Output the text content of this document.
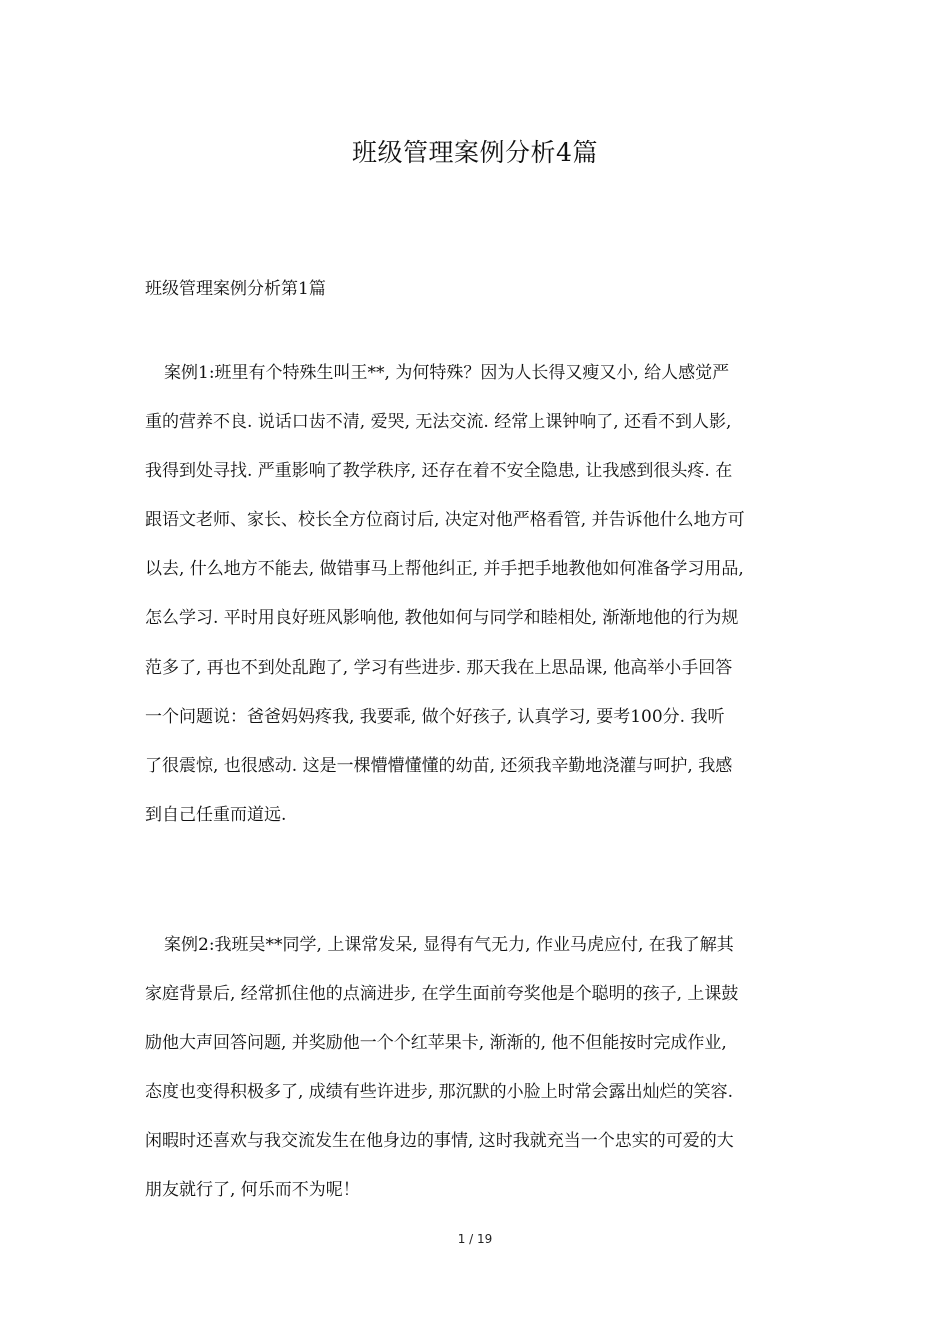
班级管理案例分析4篇
班级管理案例分析第1篇
案例1:班里有个特殊生叫王**, 为何特殊？因为人长得又瘦又小, 给人感觉严
重的营养不良. 说话口齿不清, 爱哭, 无法交流. 经常上课钟响了, 还看不到人影,
我得到处寻找. 严重影响了教学秩序, 还存在着不安全隐患, 让我感到很头疼. 在
跟语文老师、家长、校长全方位商讨后, 决定对他严格看管, 并告诉他什么地方可
以去, 什么地方不能去, 做错事马上帮他纠正, 并手把手地教他如何准备学习用品,
怎么学习. 平时用良好班风影响他, 教他如何与同学和睦相处, 渐渐地他的行为规
范多了, 再也不到处乱跑了, 学习有些进步. 那天我在上思品课, 他高举小手回答
一个问题说：爸爸妈妈疼我, 我要乖, 做个好孩子, 认真学习, 要考100分. 我听
了很震惊, 也很感动. 这是一棵懵懵懂懂的幼苗, 还须我辛勤地浇灌与呵护, 我感
到自己任重而道远.
案例2:我班吴**同学, 上课常发呆, 显得有气无力, 作业马虎应付, 在我了解其
家庭背景后, 经常抓住他的点滴进步, 在学生面前夸奖他是个聪明的孩子, 上课鼓
励他大声回答问题, 并奖励他一个个红苹果卡, 渐渐的, 他不但能按时完成作业,
态度也变得积极多了, 成绩有些许进步, 那沉默的小脸上时常会露出灿烂的笑容.
闲暇时还喜欢与我交流发生在他身边的事情, 这时我就充当一个忠实的可爱的大
朋友就行了, 何乐而不为呢！
1 / 19
